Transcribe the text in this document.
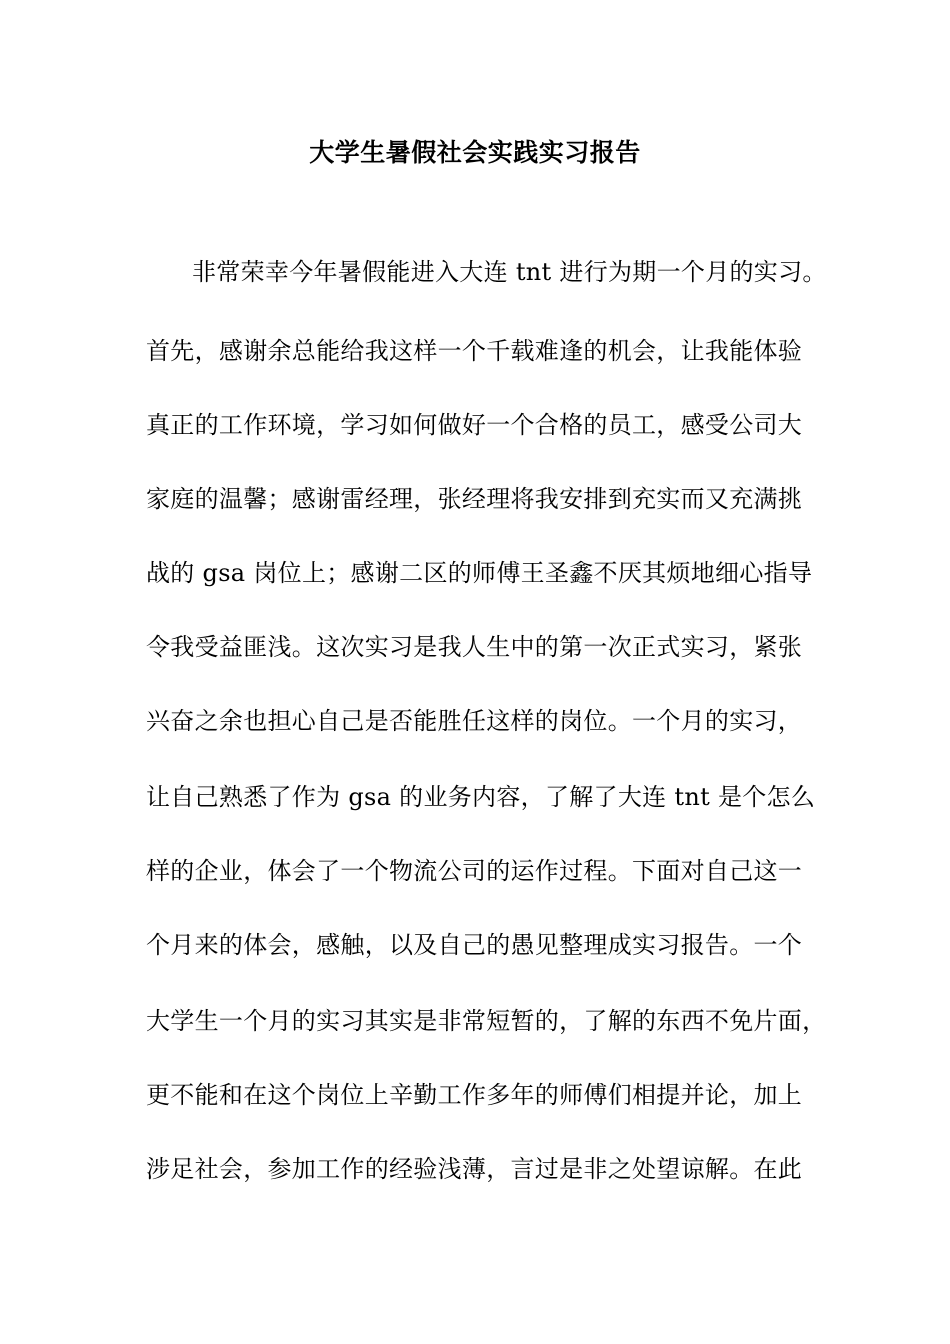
大学生暑假社会实践实习报告
非常荣幸今年暑假能进入大连 tnt 进行为期一个月的实习。
首先，感谢余总能给我这样一个千载难逢的机会，让我能体验
真正的工作环境，学习如何做好一个合格的员工，感受公司大
家庭的温馨；感谢雷经理，张经理将我安排到充实而又充满挑
战的 gsa 岗位上；感谢二区的师傅王圣鑫不厌其烦地细心指导
令我受益匪浅。这次实习是我人生中的第一次正式实习，紧张
兴奋之余也担心自己是否能胜任这样的岗位。一个月的实习，
让自己熟悉了作为 gsa 的业务内容，了解了大连 tnt 是个怎么
样的企业，体会了一个物流公司的运作过程。下面对自己这一
个月来的体会，感触，以及自己的愚见整理成实习报告。一个
大学生一个月的实习其实是非常短暂的，了解的东西不免片面，
更不能和在这个岗位上辛勤工作多年的师傅们相提并论，加上
涉足社会，参加工作的经验浅薄，言过是非之处望谅解。在此
